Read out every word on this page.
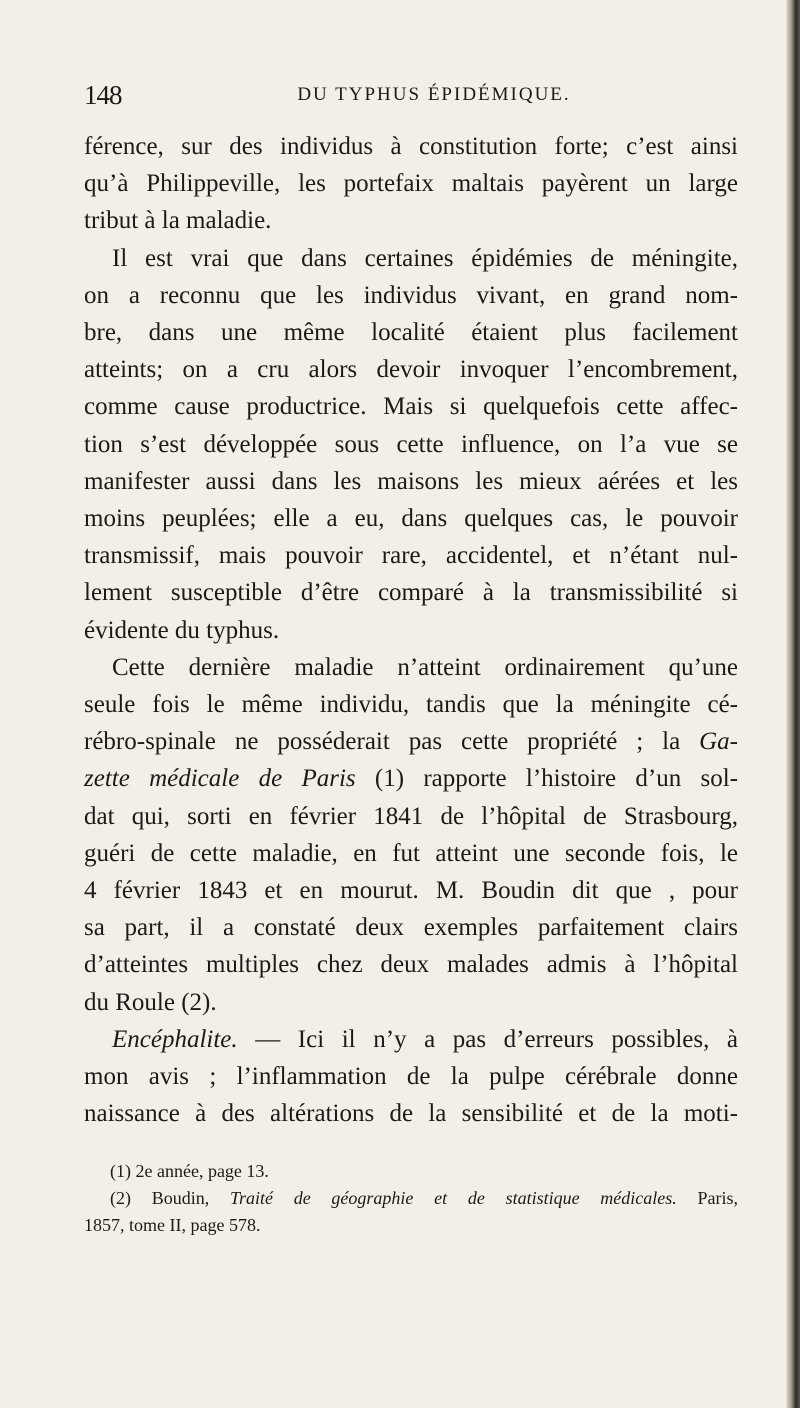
148	DU TYPHUS ÉPIDÉMIQUE.
férence, sur des individus à constitution forte; c’est ainsi
qu’à Philippeville, les portefaix maltais payèrent un large
tribut à la maladie.
Il est vrai que dans certaines épidémies de méningite,
on a reconnu que les individus vivant, en grand nom-
bre, dans une même localité étaient plus facilement
atteints; on a cru alors devoir invoquer l’encombrement,
comme cause productrice. Mais si quelquefois cette affec-
tion s’est développée sous cette influence, on l’a vue se
manifester aussi dans les maisons les mieux aérées et les
moins peuplées; elle a eu, dans quelques cas, le pouvoir
transmissif, mais pouvoir rare, accidentel, et n’étant nul-
lement susceptible d’être comparé à la transmissibilité si
évidente du typhus.
Cette dernière maladie n’atteint ordinairement qu’une
seule fois le même individu, tandis que la méningite cé-
rébro-spinale ne posséderait pas cette propriété ; la Ga-
zette médicale de Paris (1) rapporte l’histoire d’un sol-
dat qui, sorti en février 1841 de l’hôpital de Strasbourg,
guéri de cette maladie, en fut atteint une seconde fois, le
4 février 1843 et en mourut. M. Boudin dit que , pour
sa part, il a constaté deux exemples parfaitement clairs
d’atteintes multiples chez deux malades admis à l’hôpital
du Roule (2).
Encéphalite. — Ici il n’y a pas d’erreurs possibles, à
mon avis ; l’inflammation de la pulpe cérébrale donne
naissance à des altérations de la sensibilité et de la moti-
(1) 2e année, page 13.
(2) Boudin, Traité de géographie et de statistique médicales. Paris,
1857, tome II, page 578.
